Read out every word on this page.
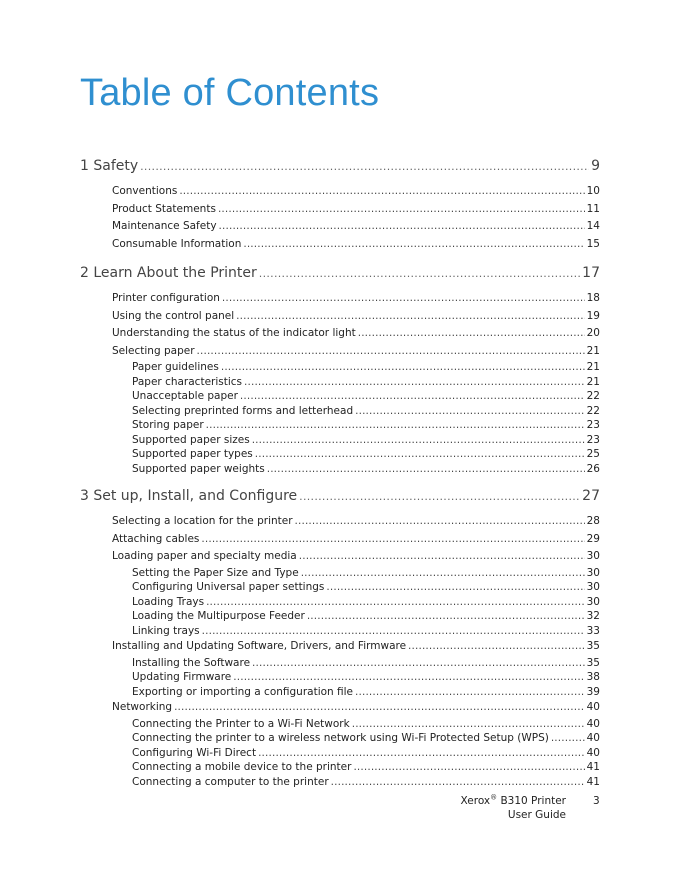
Table of Contents
1 Safety . . .	9
Conventions . . .	10
Product Statements . . .	11
Maintenance Safety . . .	14
Consumable Information . . .	15
2 Learn About the Printer . . .	17
Printer configuration . . .	18
Using the control panel . . .	19
Understanding the status of the indicator light . . .	20
Selecting paper . . .	21
Paper guidelines . . .	21
Paper characteristics . . .	21
Unacceptable paper . . .	22
Selecting preprinted forms and letterhead . . .	22
Storing paper . . .	23
Supported paper sizes . . .	23
Supported paper types . . .	25
Supported paper weights . . .	26
3 Set up, Install, and Configure . . .	27
Selecting a location for the printer . . .	28
Attaching cables . . .	29
Loading paper and specialty media . . .	30
Setting the Paper Size and Type . . .	30
Configuring Universal paper settings . . .	30
Loading Trays . . .	30
Loading the Multipurpose Feeder . . .	32
Linking trays . . .	33
Installing and Updating Software, Drivers, and Firmware . . .	35
Installing the Software . . .	35
Updating Firmware . . .	38
Exporting or importing a configuration file . . .	39
Networking . . .	40
Connecting the Printer to a Wi-Fi Network . . .	40
Connecting the printer to a wireless network using Wi-Fi Protected Setup (WPS) . . .	40
Configuring Wi-Fi Direct . . .	40
Connecting a mobile device to the printer . . .	41
Connecting a computer to the printer . . .	41
Xerox® B310 Printer
User Guide
3
